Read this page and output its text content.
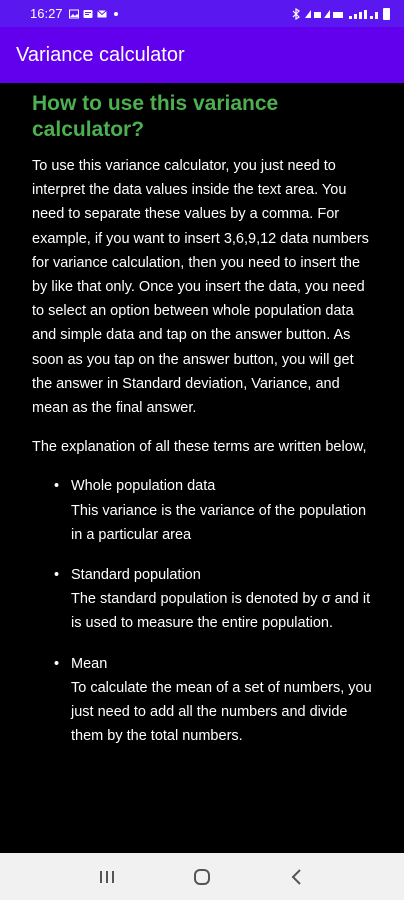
16:27
Variance calculator
How to use this variance calculator?

To use this variance calculator, you just need to interpret the data values inside the text area. You need to separate these values by a comma. For example, if you want to insert 3,6,9,12 data numbers for variance calculation, then you need to insert the by like that only. Once you insert the data, you need to select an option between whole population data and simple data and tap on the answer button. As soon as you tap on the answer button, you will get the answer in Standard deviation, Variance, and mean as the final answer.

The explanation of all these terms are written below,

• Whole population data
This variance is the variance of the population in a particular area
• Standard population
The standard population is denoted by σ and it is used to measure the entire population.
• Mean
To calculate the mean of a set of numbers, you just need to add all the numbers and divide them by the total numbers.
